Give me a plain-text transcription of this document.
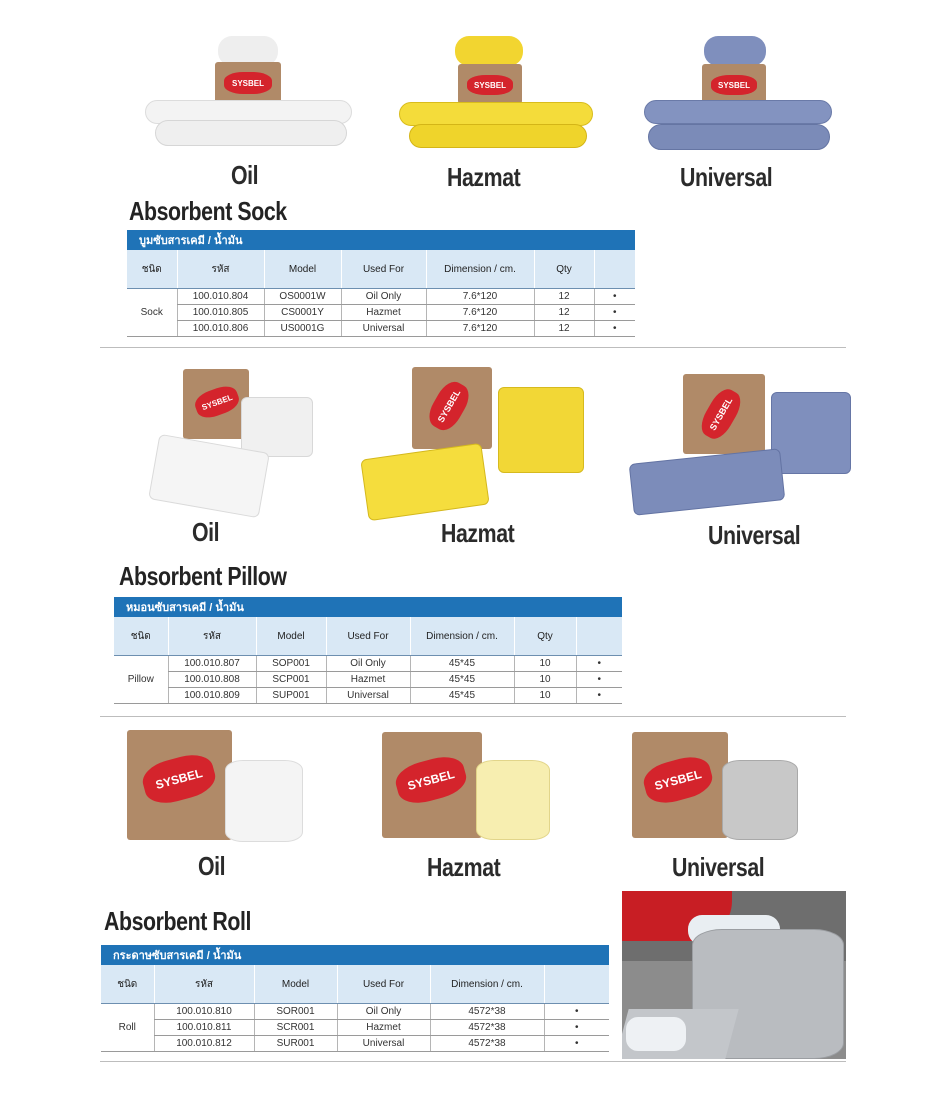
SYSBEL	SYSBEL	SYSBEL
Oil	Hazmat	Universal
Absorbent Sock
บูมซับสารเคมี / น้ำมัน						
ชนิด	รหัส	Model	Used For	Dimension / cm.	Qty	
Sock	100.010.804	OS0001W	Oil Only	7.6*120	12	•
	100.010.805	CS0001Y	Hazmet	7.6*120	12	•
	100.010.806	US0001G	Universal	7.6*120	12	•
SYSBEL	SYSBEL	SYSBEL
Oil	Hazmat	Universal
Absorbent Pillow
หมอนซับสารเคมี / น้ำมัน						
ชนิด	รหัส	Model	Used For	Dimension / cm.	Qty	
Pillow	100.010.807	SOP001	Oil Only	45*45	10	•
	100.010.808	SCP001	Hazmet	45*45	10	•
	100.010.809	SUP001	Universal	45*45	10	•
SYSBEL	SYSBEL	SYSBEL
Oil	Hazmat	Universal
Absorbent Roll
กระดาษซับสารเคมี / น้ำมัน					
ชนิด	รหัส	Model	Used For	Dimension / cm.	
Roll	100.010.810	SOR001	Oil Only	4572*38	•
	100.010.811	SCR001	Hazmet	4572*38	•
	100.010.812	SUR001	Universal	4572*38	•
